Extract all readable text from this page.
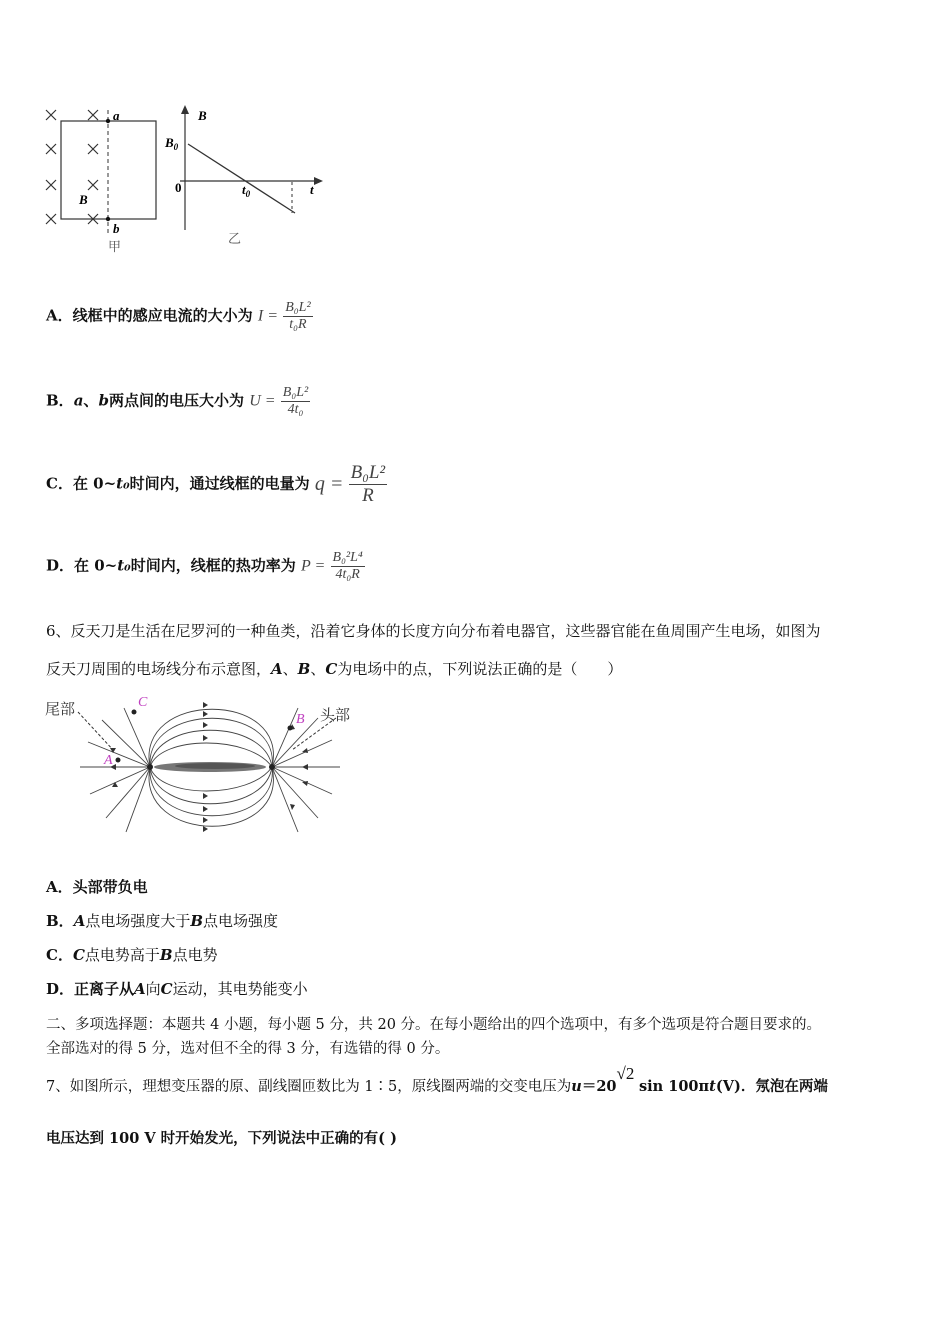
a
b
B
甲
B
$B_0$
0	$t_0$	t
乙
A．线框中的感应电流的大小为 $I = \frac{\text{B₀L²}}{\text{t₀R}}$
B．a、b两点间的电压大小为 $U = \frac{\text{B₀L²}}{\text{4t₀}}$
C．在 0~t₀时间内，通过线框的电量为 $q = \frac{\text{B₀L²}}{R}$
D．在 0~t₀时间内，线框的热功率为 $P = \frac{\text{B₀²L⁴}}{\text{4t₀R}}$
6、反天刀是生活在尼罗河的一种鱼类，沿着它身体的长度方向分布着电器官，这些器官能在鱼周围产生电场，如图为
反天刀周围的电场线分布示意图，A、B、C为电场中的点，下列说法正确的是（　　）
尾部	头部
A
C
B
A．头部带负电
B．A点电场强度大于B点电场强度
C．C点电势高于B点电势
D．正离子从A向C运动，其电势能变小
二、多项选择题：本题共 4 小题，每小题 5 分，共 20 分。在每小题给出的四个选项中，有多个选项是符合题目要求的。
全部选对的得 5 分，选对但不全的得 3 分，有选错的得 0 分。
7、如图所示，理想变压器的原、副线圈匝数比为 1∶5，原线圈两端的交变电压为u＝20√2 sin 100πt(V)．氖泡在两端
电压达到 100 V 时开始发光，下列说法中正确的有( )
